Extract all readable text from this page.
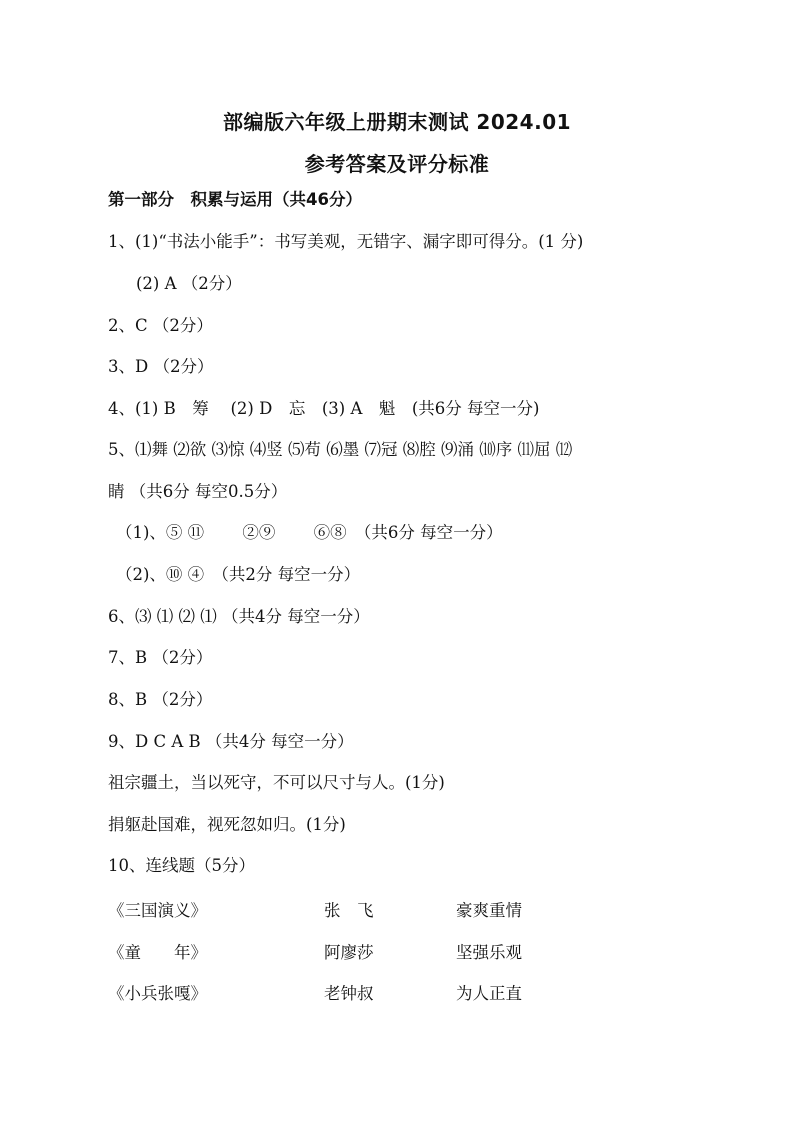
部编版六年级上册期末测试 2024.01
参考答案及评分标准
第一部分　积累与运用（共46分）
1、(1)“书法小能手”：书写美观，无错字、漏字即可得分。(1 分)
(2) A （2分）
2、C （2分）
3、D （2分）
4、(1) B　筹　 (2) D　忘　(3) A　魁　(共6分 每空一分)
5、⑴舞 ⑵欲 ⑶惊 ⑷竖 ⑸苟 ⑹墨 ⑺冠 ⑻腔 ⑼涌 ⑽序 ⑾屈 ⑿
睛 （共6分 每空0.5分）
（1)、⑤ ⑪　　 ②⑨　　 ⑥⑧　（共6分 每空一分）
（2)、⑩ ④　（共2分 每空一分）
6、⑶ ⑴ ⑵ ⑴ （共4分 每空一分）
7、B （2分）
8、B （2分）
9、D C A B （共4分 每空一分）
祖宗疆土，当以死守，不可以尺寸与人。(1分)
捐躯赴国难，视死忽如归。(1分)
10、连线题（5分）
《三国演义》	张　飞	豪爽重情
《童　　年》	阿廖莎	坚强乐观
《小兵张嘎》	老钟叔	为人正直
